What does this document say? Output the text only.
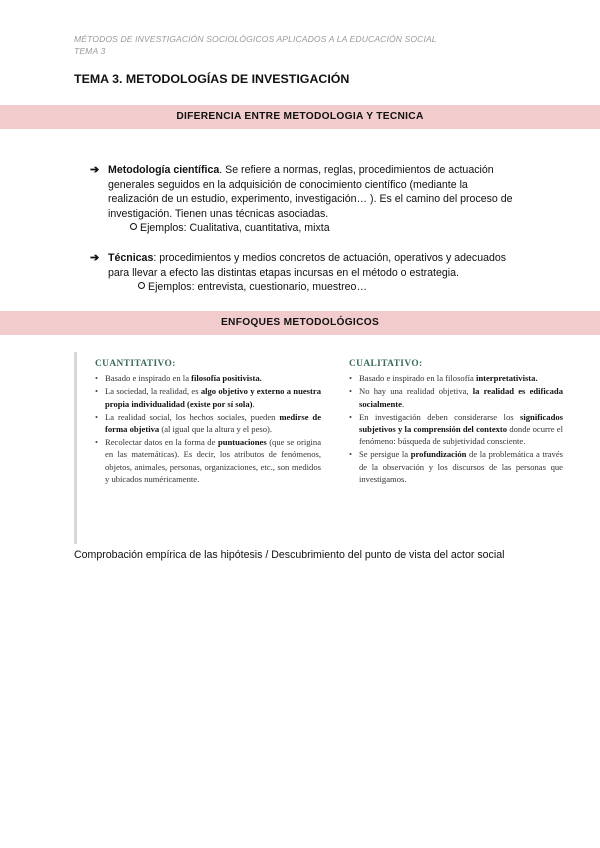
MÉTODOS DE INVESTIGACIÓN SOCIOLÓGICOS APLICADOS A LA EDUCACIÓN SOCIAL
TEMA 3
TEMA 3. METODOLOGÍAS DE INVESTIGACIÓN
DIFERENCIA ENTRE METODOLOGIA Y TECNICA
➔ Metodología científica. Se refiere a normas, reglas, procedimientos de actuación generales seguidos en la adquisición de conocimiento científico (mediante la realización de un estudio, experimento, investigación… ). Es el camino del proceso de investigación. Tienen unas técnicas asociadas.
Ejemplos: Cualitativa, cuantitativa, mixta
➔ Técnicas: procedimientos y medios concretos de actuación, operativos y adecuados para llevar a efecto las distintas etapas incursas en el método o estrategia.
Ejemplos: entrevista, cuestionario, muestreo…
ENFOQUES METODOLÓGICOS
CUANTITATIVO:
• Basado e inspirado en la filosofía positivista.
• La sociedad, la realidad, es algo objetivo y externo a nuestra propia individualidad (existe por sí sola).
• La realidad social, los hechos sociales, pueden medirse de forma objetiva (al igual que la altura y el peso).
• Recolectar datos en la forma de puntuaciones (que se origina en las matemáticas). Es decir, los atributos de fenómenos, objetos, animales, personas, organizaciones, etc., son medidos y ubicados numéricamente.
CUALITATIVO:
• Basado e inspirado en la filosofía interpretativista.
• No hay una realidad objetiva, la realidad es edificada socialmente.
• En investigación deben considerarse los significados subjetivos y la comprensión del contexto donde ocurre el fenómeno: búsqueda de subjetividad consciente.
• Se persigue la profundización de la problemática a través de la observación y los discursos de las personas que investigamos.
Comprobación empírica de las hipótesis / Descubrimiento del punto de vista del actor social
